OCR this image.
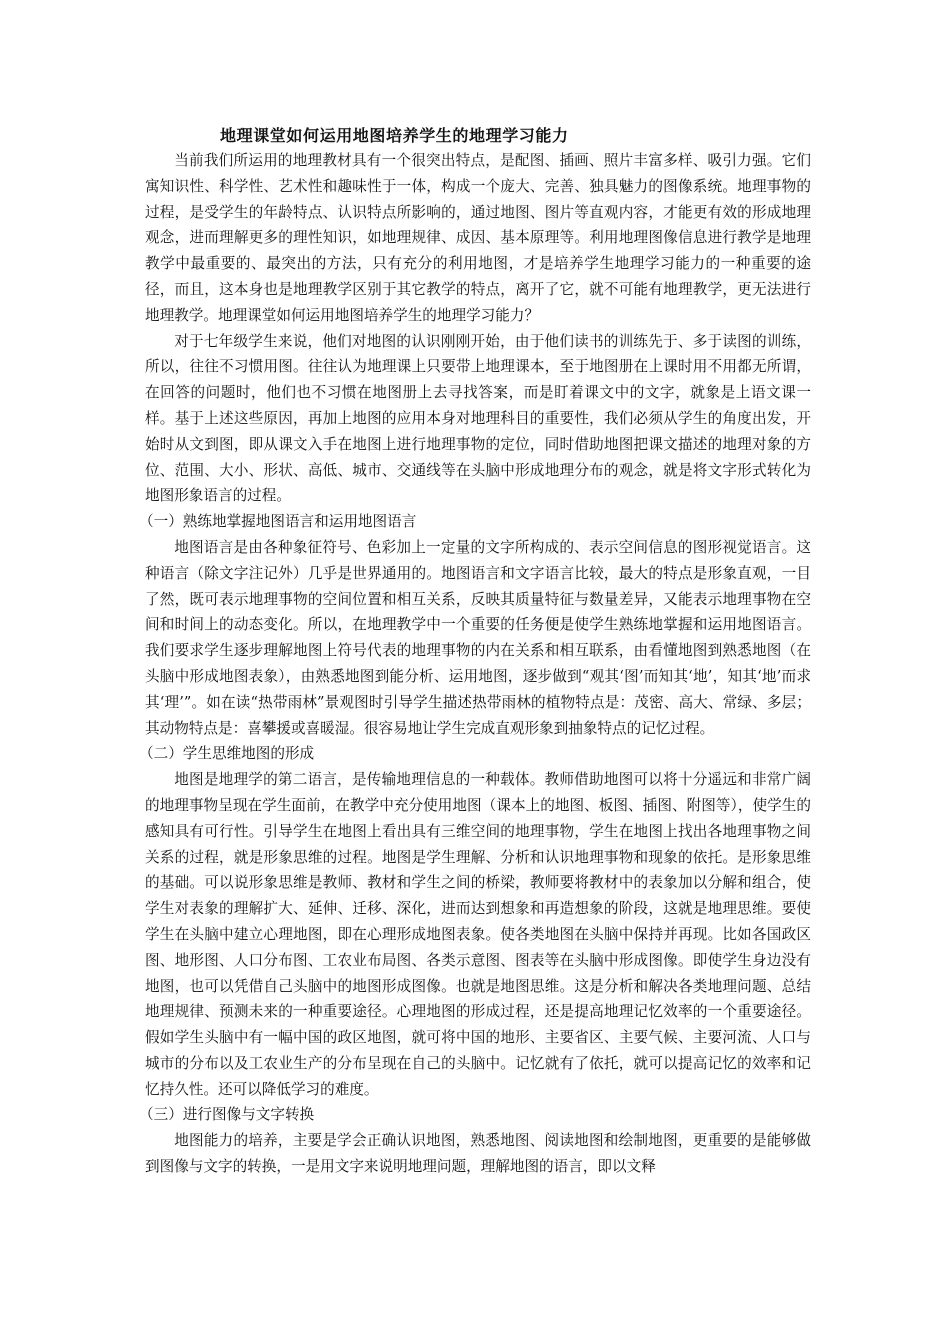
地理课堂如何运用地图培养学生的地理学习能力

当前我们所运用的地理教材具有一个很突出特点，是配图、插画、照片丰富多样、吸引力强。它们寓知识性、科学性、艺术性和趣味性于一体，构成一个庞大、完善、独具魅力的图像系统。地理事物的过程，是受学生的年龄特点、认识特点所影响的，通过地图、图片等直观内容，才能更有效的形成地理观念，进而理解更多的理性知识，如地理规律、成因、基本原理等。利用地理图像信息进行教学是地理教学中最重要的、最突出的方法，只有充分的利用地图，才是培养学生地理学习能力的一种重要的途径，而且，这本身也是地理教学区别于其它教学的特点，离开了它，就不可能有地理教学，更无法进行地理教学。地理课堂如何运用地图培养学生的地理学习能力？

对于七年级学生来说，他们对地图的认识刚刚开始，由于他们读书的训练先于、多于读图的训练，所以，往往不习惯用图。往往认为地理课上只要带上地理课本，至于地图册在上课时用不用都无所谓，在回答的问题时，他们也不习惯在地图册上去寻找答案，而是盯着课文中的文字，就象是上语文课一样。基于上述这些原因，再加上地图的应用本身对地理科目的重要性，我们必须从学生的角度出发，开始时从文到图，即从课文入手在地图上进行地理事物的定位，同时借助地图把课文描述的地理对象的方位、范围、大小、形状、高低、城市、交通线等在头脑中形成地理分布的观念，就是将文字形式转化为地图形象语言的过程。

（一）熟练地掌握地图语言和运用地图语言

地图语言是由各种象征符号、色彩加上一定量的文字所构成的、表示空间信息的图形视觉语言。这种语言（除文字注记外）几乎是世界通用的。地图语言和文字语言比较，最大的特点是形象直观，一目了然，既可表示地理事物的空间位置和相互关系，反映其质量特征与数量差异，又能表示地理事物在空间和时间上的动态变化。所以，在地理教学中一个重要的任务便是使学生熟练地掌握和运用地图语言。我们要求学生逐步理解地图上符号代表的地理事物的内在关系和相互联系，由看懂地图到熟悉地图（在头脑中形成地图表象），由熟悉地图到能分析、运用地图，逐步做到“观其‘图’而知其‘地’，知其‘地’而求其‘理’”。如在读“热带雨林”景观图时引导学生描述热带雨林的植物特点是：茂密、高大、常绿、多层；其动物特点是：喜攀援或喜暖湿。很容易地让学生完成直观形象到抽象特点的记忆过程。

（二）学生思维地图的形成

地图是地理学的第二语言，是传输地理信息的一种载体。教师借助地图可以将十分遥远和非常广阔的地理事物呈现在学生面前，在教学中充分使用地图（课本上的地图、板图、插图、附图等），使学生的感知具有可行性。引导学生在地图上看出具有三维空间的地理事物，学生在地图上找出各地理事物之间关系的过程，就是形象思维的过程。地图是学生理解、分析和认识地理事物和现象的依托。是形象思维的基础。可以说形象思维是教师、教材和学生之间的桥梁，教师要将教材中的表象加以分解和组合，使学生对表象的理解扩大、延伸、迁移、深化，进而达到想象和再造想象的阶段，这就是地理思维。要使学生在头脑中建立心理地图，即在心理形成地图表象。使各类地图在头脑中保持并再现。比如各国政区图、地形图、人口分布图、工农业布局图、各类示意图、图表等在头脑中形成图像。即使学生身边没有地图，也可以凭借自己头脑中的地图形成图像。也就是地图思维。这是分析和解决各类地理问题、总结地理规律、预测未来的一种重要途径。心理地图的形成过程，还是提高地理记忆效率的一个重要途径。假如学生头脑中有一幅中国的政区地图，就可将中国的地形、主要省区、主要气候、主要河流、人口与城市的分布以及工农业生产的分布呈现在自己的头脑中。记忆就有了依托，就可以提高记忆的效率和记忆持久性。还可以降低学习的难度。

（三）进行图像与文字转换

地图能力的培养，主要是学会正确认识地图，熟悉地图、阅读地图和绘制地图，更重要的是能够做到图像与文字的转换，一是用文字来说明地理问题，理解地图的语言，即以文释
